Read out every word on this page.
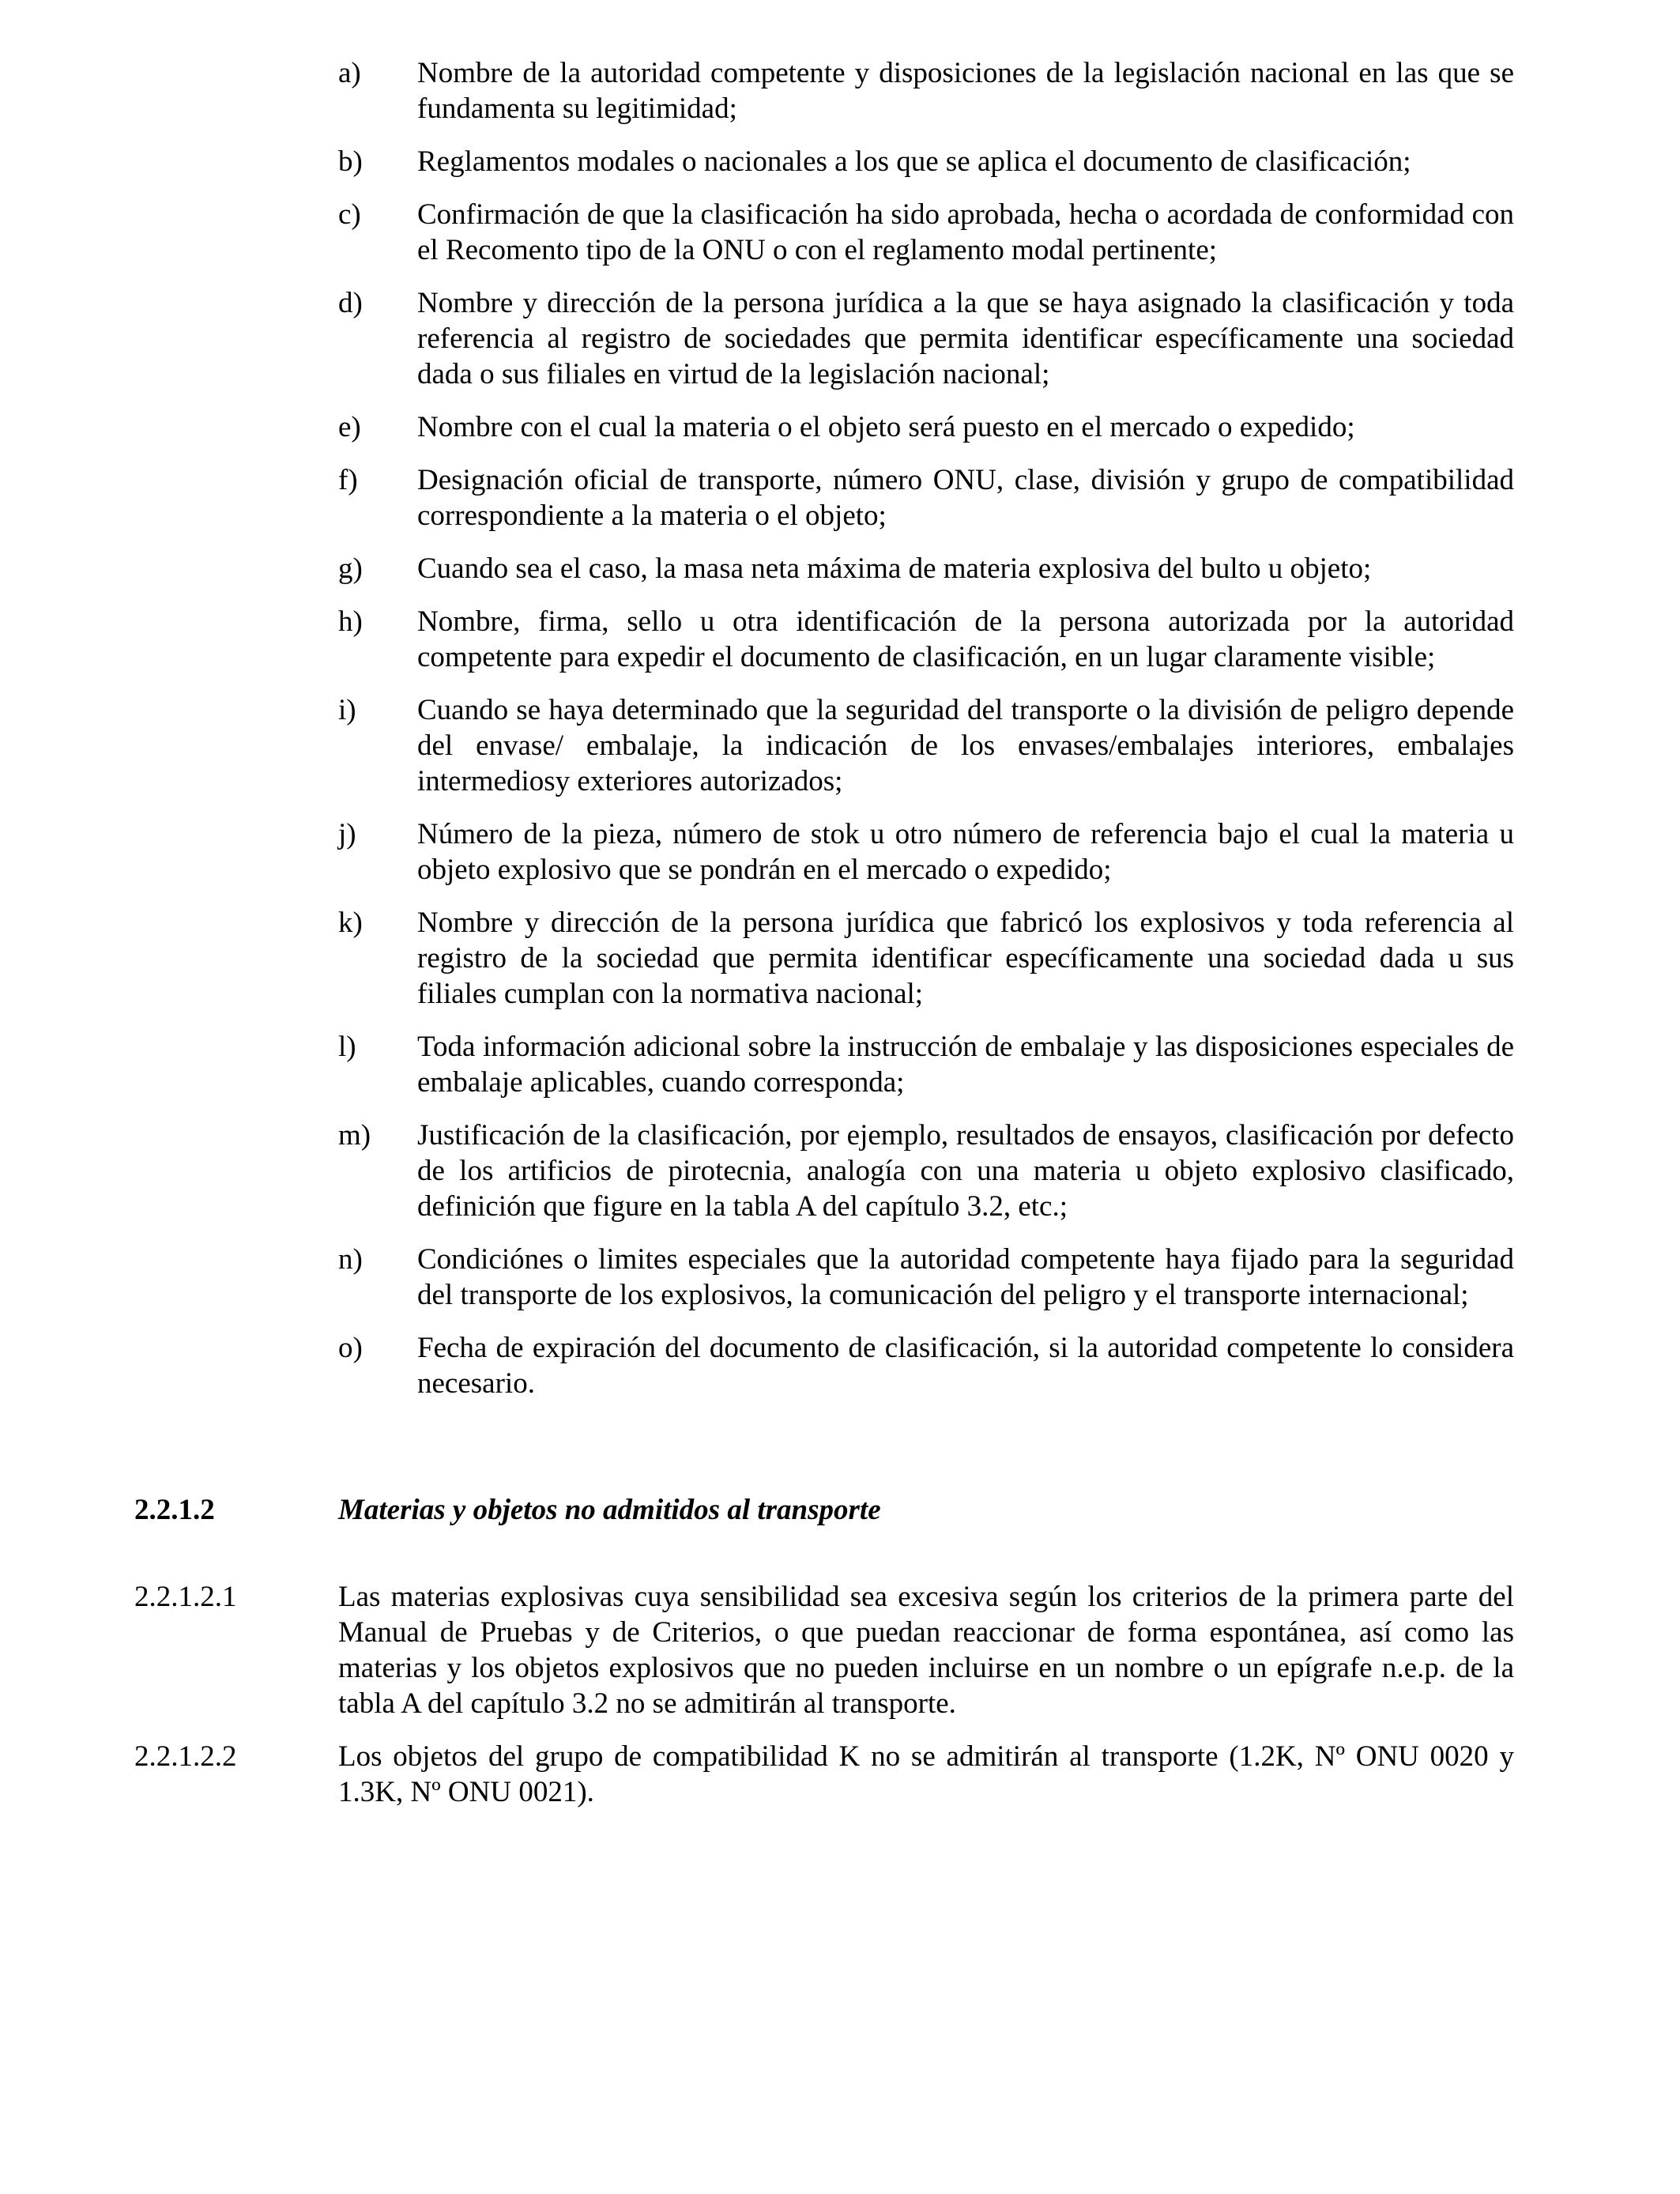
a)	Nombre de la autoridad competente y disposiciones de la legislación nacional en las que se fundamenta su legitimidad;
b)	Reglamentos modales o nacionales a los que se aplica el documento de clasificación;
c)	Confirmación de que la clasificación ha sido aprobada, hecha o acordada de conformidad con el Recomento tipo de la ONU o con el reglamento modal pertinente;
d)	Nombre y dirección de la persona jurídica a la que se haya asignado la clasificación y toda referencia al registro de sociedades que permita identificar específicamente una sociedad dada o sus filiales en virtud de la legislación nacional;
e)	Nombre con el cual la materia o el objeto será puesto en el mercado o expedido;
f)	Designación oficial de transporte, número ONU, clase, división y grupo de compatibilidad correspondiente a la materia o el objeto;
g)	Cuando sea el caso, la masa neta máxima de materia explosiva del bulto u objeto;
h)	Nombre, firma, sello u otra identificación de la persona autorizada por la autoridad competente para expedir el documento de clasificación, en un lugar claramente visible;
i)	Cuando se haya determinado que la seguridad del transporte o la división de peligro depende del envase/ embalaje, la indicación de los envases/embalajes interiores, embalajes intermediosy exteriores autorizados;
j)	Número de la pieza, número de stok u otro número de referencia bajo el cual la materia u objeto explosivo que se pondrán en el mercado o expedido;
k)	Nombre y dirección de la persona jurídica que fabricó los explosivos y toda referencia al registro de la sociedad que permita identificar específicamente una sociedad dada u sus filiales cumplan con la normativa nacional;
l)	Toda información adicional sobre la instrucción de embalaje y las disposiciones especiales de embalaje aplicables, cuando corresponda;
m)	Justificación de la clasificación, por ejemplo, resultados de ensayos, clasificación por defecto de los artificios de pirotecnia, analogía con una materia u objeto explosivo clasificado, definición que figure en la tabla A del capítulo 3.2, etc.;
n)	Condiciónes o limites especiales que la autoridad competente haya fijado para la seguridad del transporte de los explosivos, la comunicación del peligro y el transporte internacional;
o)	Fecha de expiración del documento de clasificación, si la autoridad competente lo considera necesario.
2.2.1.2	Materias y objetos no admitidos al transporte
2.2.1.2.1	Las materias explosivas cuya sensibilidad sea excesiva según los criterios de la primera parte del Manual de Pruebas y de Criterios, o que puedan reaccionar de forma espontánea, así como las materias y los objetos explosivos que no pueden incluirse en un nombre o un epígrafe n.e.p. de la tabla A del capítulo 3.2 no se admitirán al transporte.
2.2.1.2.2	Los objetos del grupo de compatibilidad K no se admitirán al transporte (1.2K, Nº ONU 0020 y 1.3K, Nº ONU 0021).
